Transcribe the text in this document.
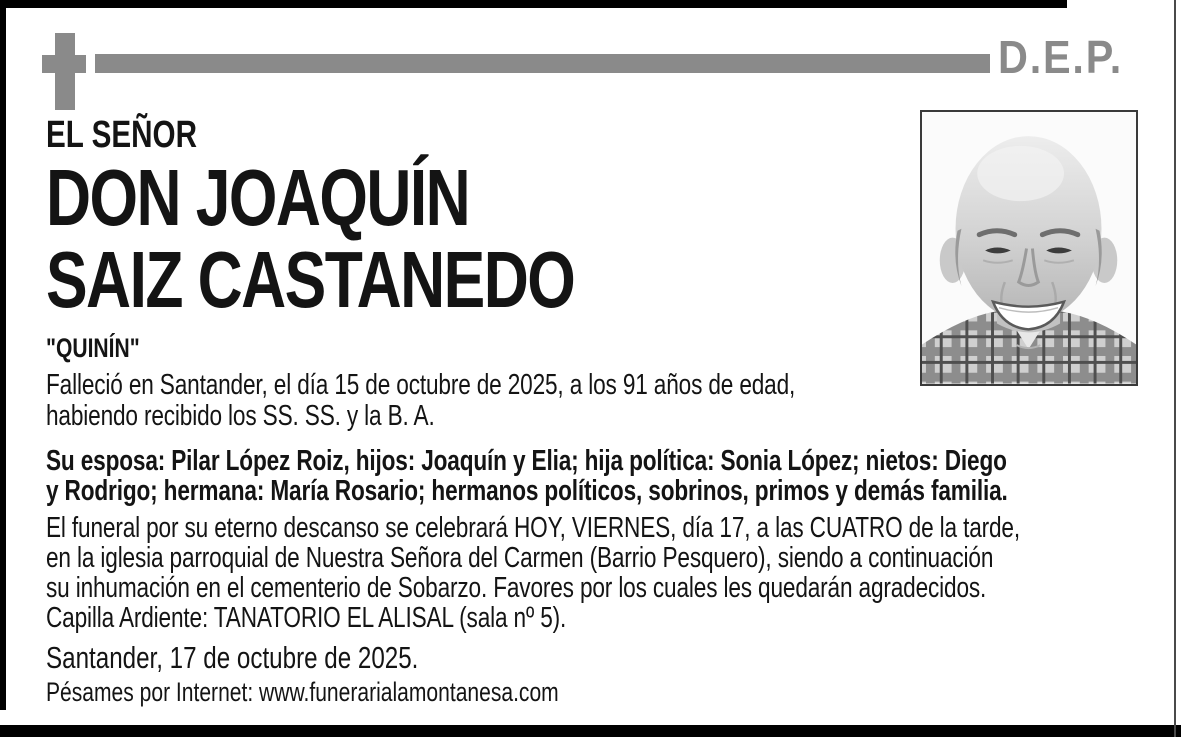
D.E.P.
EL SEÑOR
DON JOAQUÍN
SAIZ CASTANEDO
"QUINÍN"
Falleció en Santander, el día 15 de octubre de 2025, a los 91 años de edad,
habiendo recibido los SS. SS. y la B. A.
Su esposa: Pilar López Roiz, hijos: Joaquín y Elia; hija política: Sonia López; nietos: Diego
y Rodrigo; hermana: María Rosario; hermanos políticos, sobrinos, primos y demás familia.
El funeral por su eterno descanso se celebrará HOY, VIERNES, día 17, a las CUATRO de la tarde,
en la iglesia parroquial de Nuestra Señora del Carmen (Barrio Pesquero), siendo a continuación
su inhumación en el cementerio de Sobarzo. Favores por los cuales les quedarán agradecidos.
Capilla Ardiente: TANATORIO EL ALISAL (sala nº 5).
Santander, 17 de octubre de 2025.
Pésames por Internet: www.funerarialamontanesa.com
